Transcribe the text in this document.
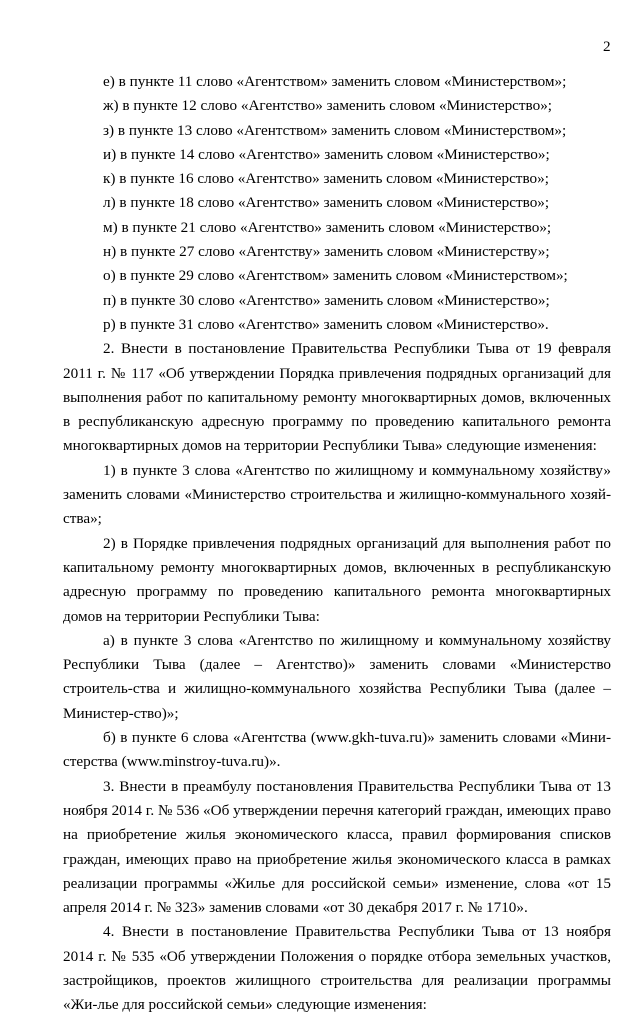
2

е) в пункте 11 слово «Агентством» заменить словом «Министерством»;

ж) в пункте 12 слово «Агентство» заменить словом «Министерство»;

з) в пункте 13 слово «Агентством» заменить словом «Министерством»;

и) в пункте 14 слово «Агентство» заменить словом «Министерство»;

к) в пункте 16 слово «Агентство» заменить словом «Министерство»;

л) в пункте 18 слово «Агентство» заменить словом «Министерство»;

м) в пункте 21 слово «Агентство» заменить словом «Министерство»;

н) в пункте 27 слово «Агентству» заменить словом «Министерству»;

о) в пункте 29 слово «Агентством» заменить словом «Министерством»;

п) в пункте 30 слово «Агентство» заменить словом «Министерство»;

р) в пункте 31 слово «Агентство» заменить словом «Министерство».

2. Внести в постановление Правительства Республики Тыва от 19 февраля 2011 г. № 117 «Об утверждении Порядка привлечения подрядных организаций для выполнения работ по капитальному ремонту многоквартирных домов, включенных в республиканскую адресную программу по проведению капитального ремонта многоквартирных домов на территории Республики Тыва» следующие изменения:

1) в пункте 3 слова «Агентство по жилищному и коммунальному хозяйству» заменить словами «Министерство строительства и жилищно-коммунального хозяй-ства»;

2) в Порядке привлечения подрядных организаций для выполнения работ по капитальному ремонту многоквартирных домов, включенных в республиканскую адресную программу по проведению капитального ремонта многоквартирных домов на территории Республики Тыва:

а) в пункте 3 слова «Агентство по жилищному и коммунальному хозяйству Республики Тыва (далее – Агентство)» заменить словами «Министерство строитель-ства и жилищно-коммунального хозяйства Республики Тыва (далее – Министер-ство)»;

б) в пункте 6 слова «Агентства (www.gkh-tuva.ru)» заменить словами «Мини-стерства (www.minstroy-tuva.ru)».

3. Внести в преамбулу постановления Правительства Республики Тыва от 13 ноября 2014 г. № 536 «Об утверждении перечня категорий граждан, имеющих право на приобретение жилья экономического класса, правил формирования списков граждан, имеющих право на приобретение жилья экономического класса в рамках реализации программы «Жилье для российской семьи» изменение, слова «от 15 апреля 2014 г. № 323» заменив словами «от 30 декабря 2017 г. № 1710».

4. Внести в постановление Правительства Республики Тыва от 13 ноября 2014 г. № 535 «Об утверждении Положения о порядке отбора земельных участков, застройщиков, проектов жилищного строительства для реализации программы «Жи-лье для российской семьи» следующие изменения:
